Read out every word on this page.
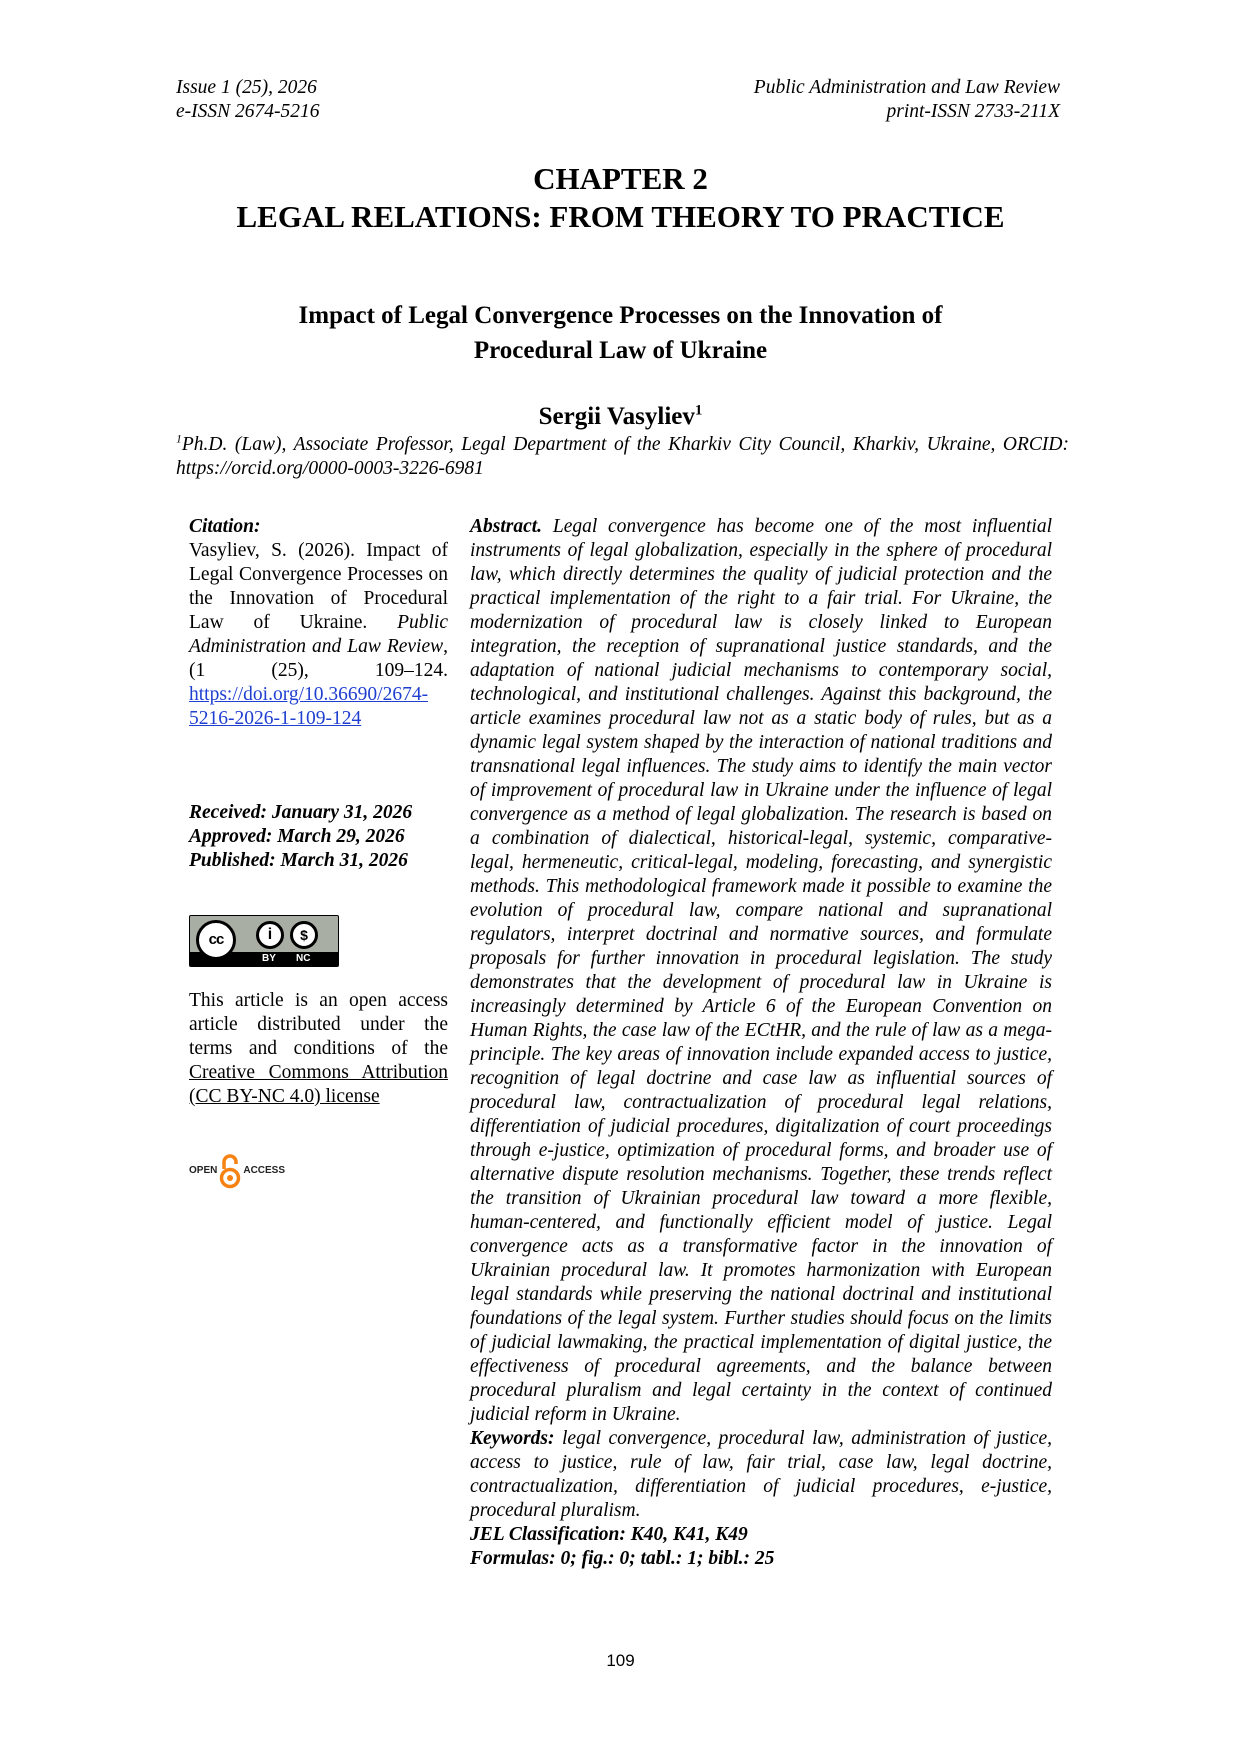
Issue 1 (25), 2026
e-ISSN 2674-5216
Public Administration and Law Review
print-ISSN 2733-211X
CHAPTER 2
LEGAL RELATIONS: FROM THEORY TO PRACTICE
Impact of Legal Convergence Processes on the Innovation of
Procedural Law of Ukraine
Sergii Vasyliev$^1$
$^1$Ph.D. (Law), Associate Professor, Legal Department of the Kharkiv City Council, Kharkiv, Ukraine, ORCID: https://orcid.org/0000-0003-3226-6981
Citation:
Vasyliev, S. (2026). Impact of Legal Convergence Processes on the Innovation of Procedural Law of Ukraine. Public Administration and Law Review, (1 (25), 109–124. https://doi.org/10.36690/2674-5216-2026-1-109-124
Received: January 31, 2026
Approved: March 29, 2026
Published: March 31, 2026
cc	i	$
BY NC
This article is an open access article distributed under the terms and conditions of the Creative Commons Attribution (CC BY-NC 4.0) license
OPEN	ACCESS

Abstract. Legal convergence has become one of the most influential instruments of legal globalization, especially in the sphere of procedural law, which directly determines the quality of judicial protection and the practical implementation of the right to a fair trial. For Ukraine, the modernization of procedural law is closely linked to European integration, the reception of supranational justice standards, and the adaptation of national judicial mechanisms to contemporary social, technological, and institutional challenges. Against this background, the article examines procedural law not as a static body of rules, but as a dynamic legal system shaped by the interaction of national traditions and transnational legal influences. The study aims to identify the main vector of improvement of procedural law in Ukraine under the influence of legal convergence as a method of legal globalization. The research is based on a combination of dialectical, historical-legal, systemic, comparative-legal, hermeneutic, critical-legal, modeling, forecasting, and synergistic methods. This methodological framework made it possible to examine the evolution of procedural law, compare national and supranational regulators, interpret doctrinal and normative sources, and formulate proposals for further innovation in procedural legislation. The study demonstrates that the development of procedural law in Ukraine is increasingly determined by Article 6 of the European Convention on Human Rights, the case law of the ECtHR, and the rule of law as a mega-principle. The key areas of innovation include expanded access to justice, recognition of legal doctrine and case law as influential sources of procedural law, contractualization of procedural legal relations, differentiation of judicial procedures, digitalization of court proceedings through e-justice, optimization of procedural forms, and broader use of alternative dispute resolution mechanisms. Together, these trends reflect the transition of Ukrainian procedural law toward a more flexible, human-centered, and functionally efficient model of justice. Legal convergence acts as a transformative factor in the innovation of Ukrainian procedural law. It promotes harmonization with European legal standards while preserving the national doctrinal and institutional foundations of the legal system. Further studies should focus on the limits of judicial lawmaking, the practical implementation of digital justice, the effectiveness of procedural agreements, and the balance between procedural pluralism and legal certainty in the context of continued judicial reform in Ukraine.

Keywords: legal convergence, procedural law, administration of justice, access to justice, rule of law, fair trial, case law, legal doctrine, contractualization, differentiation of judicial procedures, e-justice, procedural pluralism.

JEL Classification: K40, K41, K49

Formulas: 0; fig.: 0; tabl.: 1; bibl.: 25

109
